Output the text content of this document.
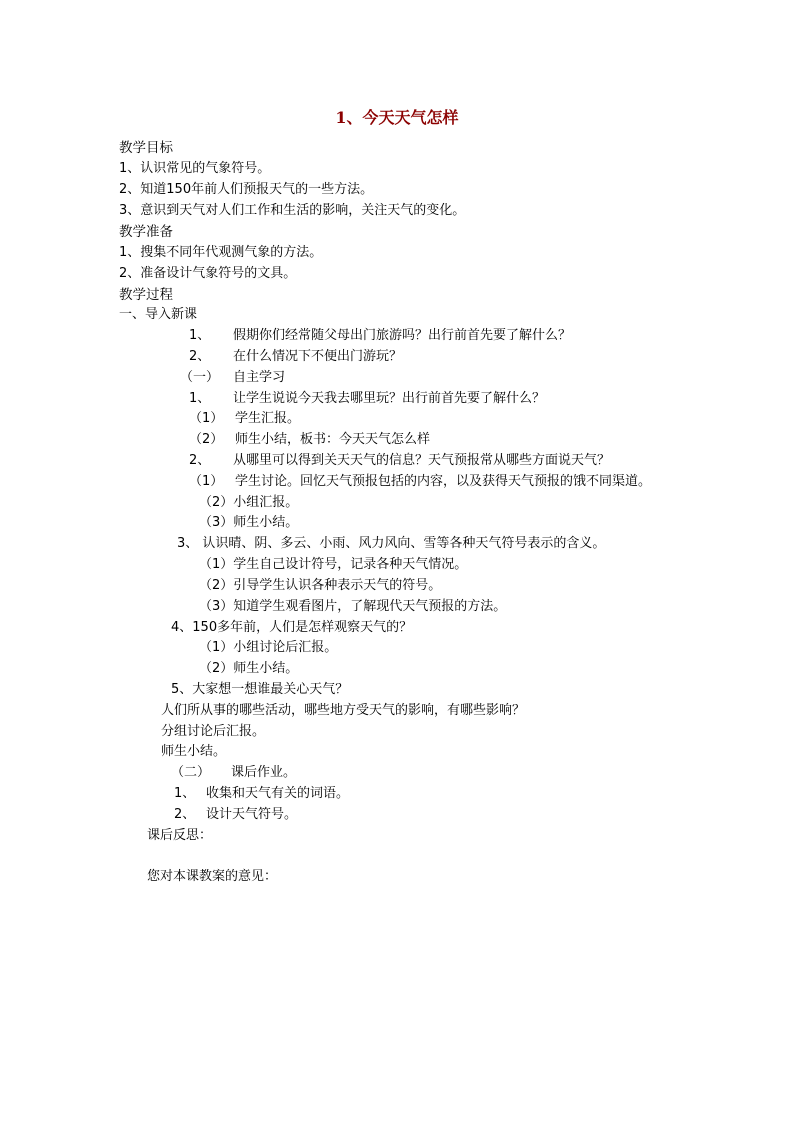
1、今天天气怎样
教学目标
1、认识常见的气象符号。
2、知道150年前人们预报天气的一些方法。
3、意识到天气对人们工作和生活的影响，关注天气的变化。
教学准备
1、搜集不同年代观测气象的方法。
2、准备设计气象符号的文具。
教学过程
一、导入新课
1、 假期你们经常随父母出门旅游吗？出行前首先要了解什么？
2、 在什么情况下不便出门游玩？
（一） 自主学习
1、 让学生说说今天我去哪里玩？出行前首先要了解什么？
（1） 学生汇报。
（2） 师生小结，板书：今天天气怎么样
2、 从哪里可以得到关天天气的信息？天气预报常从哪些方面说天气？
（1） 学生讨论。回忆天气预报包括的内容，以及获得天气预报的饿不同渠道。
（2）小组汇报。
（3）师生小结。
3、 认识晴、阴、多云、小雨、风力风向、雪等各种天气符号表示的含义。
（1）学生自己设计符号，记录各种天气情况。
（2）引导学生认识各种表示天气的符号。
（3）知道学生观看图片，了解现代天气预报的方法。
4、150多年前，人们是怎样观察天气的？
（1）小组讨论后汇报。
（2）师生小结。
5、大家想一想谁最关心天气？
人们所从事的哪些活动，哪些地方受天气的影响，有哪些影响？
分组讨论后汇报。
师生小结。
（二） 课后作业。
1、 收集和天气有关的词语。
2、 设计天气符号。
课后反思：
您对本课教案的意见：
